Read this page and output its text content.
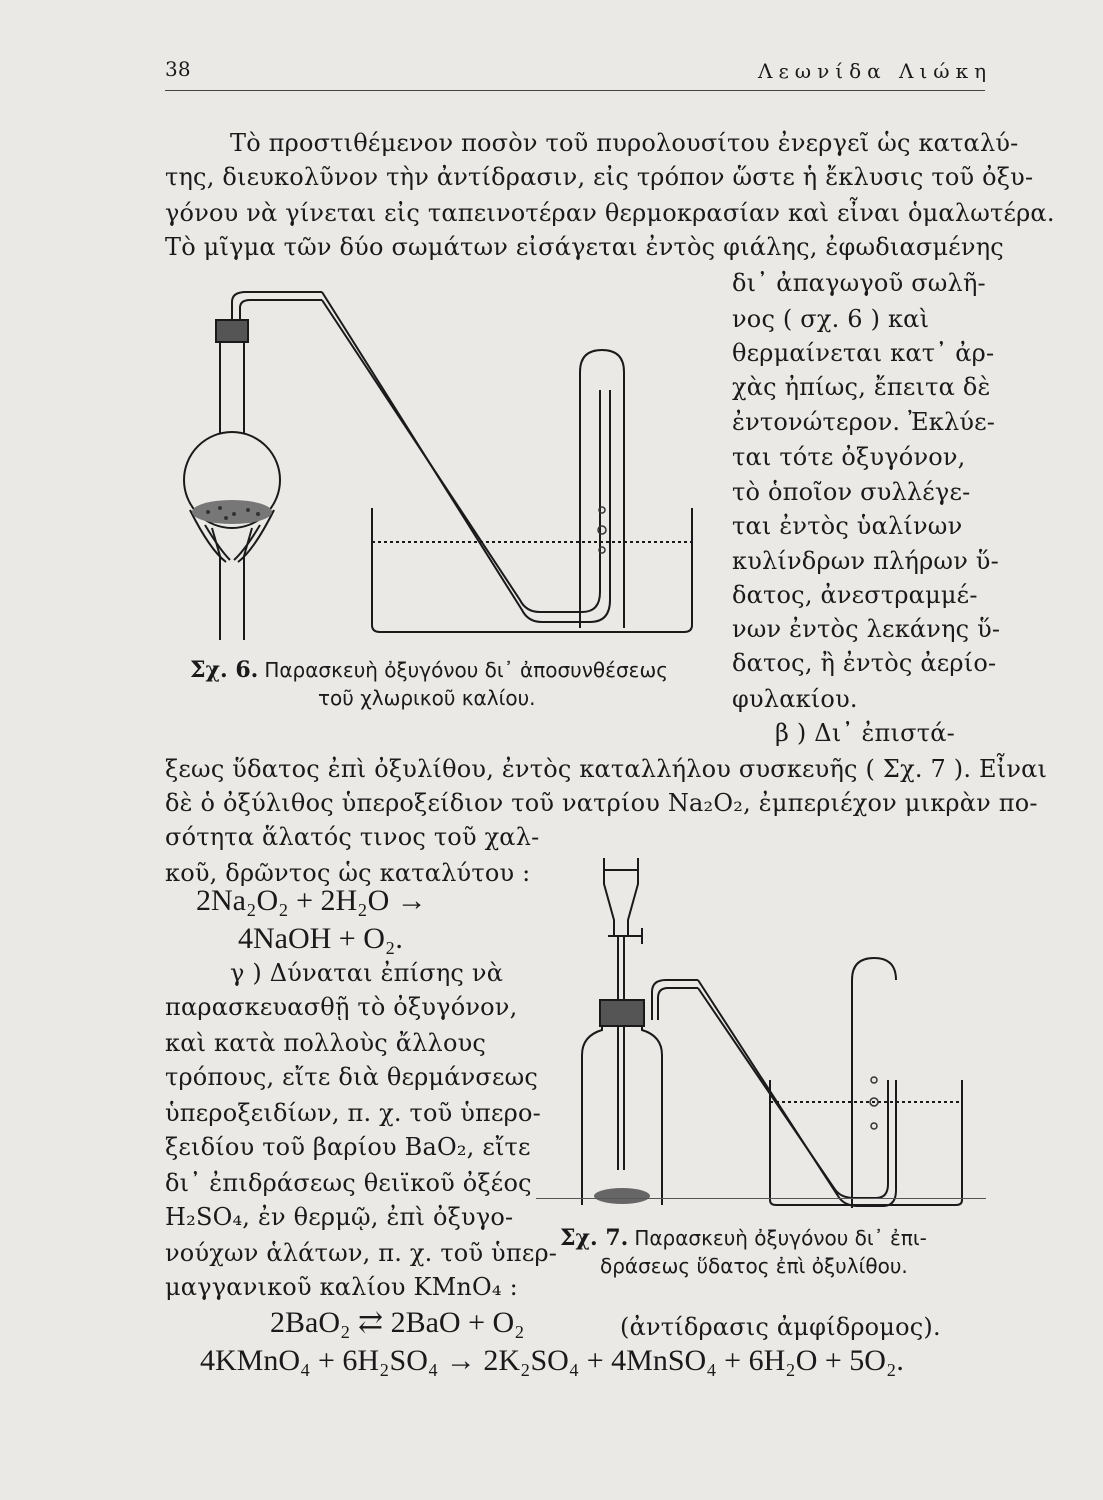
38	Λεωνίδα Λιώκη
Τὸ προστιθέμενον ποσὸν τοῦ πυρολουσίτου ἐνεργεῖ ὡς καταλύ-
της, διευκολῦνον τὴν ἀντίδρασιν, εἰς τρόπον ὥστε ἡ ἔκλυσις τοῦ ὀξυ-
γόνου νὰ γίνεται εἰς ταπεινοτέραν θερμοκρασίαν καὶ εἶναι ὁμαλωτέρα.
Τὸ μῖγμα τῶν δύο σωμάτων εἰσάγεται ἐντὸς φιάλης, ἐφωδιασμένης
δι᾽ ἀπαγωγοῦ σωλῆ-
νος ( σχ. 6 ) καὶ
θερμαίνεται κατ᾽ ἀρ-
χὰς ἠπίως, ἔπειτα δὲ
ἐντονώτερον. Ἐκλύε-
ται τότε ὀξυγόνον,
τὸ ὁποῖον συλλέγε-
ται ἐντὸς ὑαλίνων
κυλίνδρων πλήρων ὕ-
δατος, ἀνεστραμμέ-
νων ἐντὸς λεκάνης ὕ-
δατος, ἢ ἐντὸς ἀερίο-
φυλακίου.
β ) Δι᾽ ἐπιστά-
Σχ. 6. Παρασκευὴ ὀξυγόνου δι᾽ ἀποσυνθέσεως
τοῦ χλωρικοῦ καλίου.
ξεως ὕδατος ἐπὶ ὀξυλίθου, ἐντὸς καταλλήλου συσκευῆς ( Σχ. 7 ). Εἶναι
δὲ ὁ ὀξύλιθος ὑπεροξείδιον τοῦ νατρίου Na₂O₂, ἐμπεριέχον μικρὰν πο-
σότητα ἅλατός τινος τοῦ χαλ-
κοῦ, δρῶντος ὡς καταλύτου :
2Na₂O₂ + 2H₂O →
4NaOH + O₂.
γ ) Δύναται ἐπίσης νὰ
παρασκευασθῇ τὸ ὀξυγόνον,
καὶ κατὰ πολλοὺς ἄλλους
τρόπους, εἴτε διὰ θερμάνσεως
ὑπεροξειδίων, π. χ. τοῦ ὑπερο-
ξειδίου τοῦ βαρίου BaO₂, εἴτε
δι᾽ ἐπιδράσεως θειϊκοῦ ὀξέος
H₂SO₄, ἐν θερμῷ, ἐπὶ ὀξυγο-
νούχων ἁλάτων, π. χ. τοῦ ὑπερ-
μαγγανικοῦ καλίου KMnO₄ :
Σχ. 7. Παρασκευὴ ὀξυγόνου δι᾽ ἐπι-
δράσεως ὕδατος ἐπὶ ὀξυλίθου.
2BaO₂ ⇄ 2BaO + O₂	(ἀντίδρασις ἀμφίδρομος).
4KMnO₄ + 6H₂SO₄ → 2K₂SO₄ + 4MnSO₄ + 6H₂O + 5O₂.
